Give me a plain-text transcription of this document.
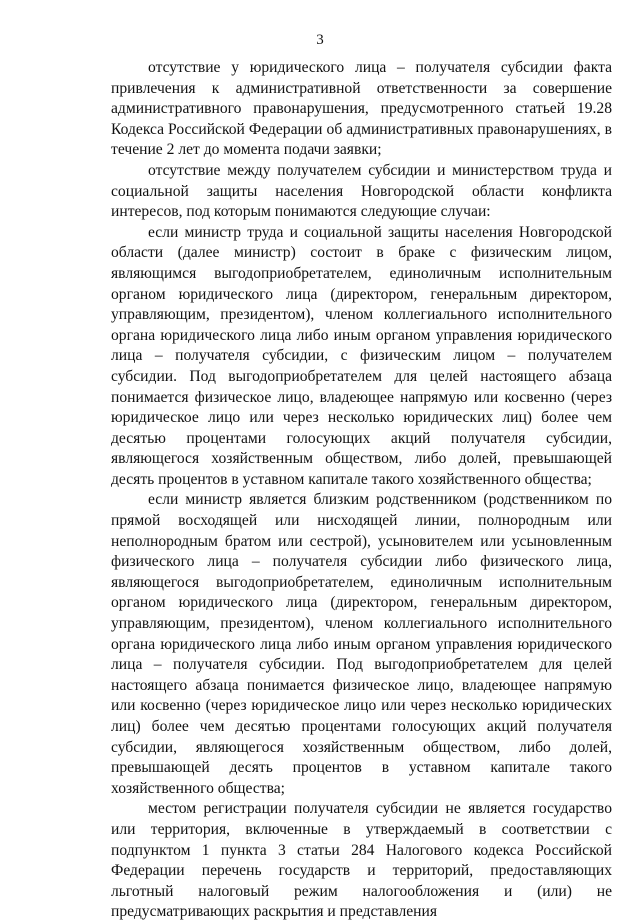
3

отсутствие у юридического лица – получателя субсидии факта привлечения к административной ответственности за совершение административного правонарушения, предусмотренного статьей 19.28 Кодекса Российской Федерации об административных правонарушениях, в течение 2 лет до момента подачи заявки;

отсутствие между получателем субсидии и министерством труда и социальной защиты населения Новгородской области конфликта интересов, под которым понимаются следующие случаи:

если министр труда и социальной защиты населения Новгородской области (далее министр) состоит в браке с физическим лицом, являющимся выгодоприобретателем, единоличным исполнительным органом юридического лица (директором, генеральным директором, управляющим, президентом), членом коллегиального исполнительного органа юридического лица либо иным органом управления юридического лица – получателя субсидии, с физическим лицом – получателем субсидии. Под выгодоприобретателем для целей настоящего абзаца понимается физическое лицо, владеющее напрямую или косвенно (через юридическое лицо или через несколько юридических лиц) более чем десятью процентами голосующих акций получателя субсидии, являющегося хозяйственным обществом, либо долей, превышающей десять процентов в уставном капитале такого хозяйственного общества;

если министр является близким родственником (родственником по прямой восходящей или нисходящей линии, полнородным или неполнородным братом или сестрой), усыновителем или усыновленным физического лица – получателя субсидии либо физического лица, являющегося выгодоприобретателем, единоличным исполнительным органом юридического лица (директором, генеральным директором, управляющим, президентом), членом коллегиального исполнительного органа юридического лица либо иным органом управления юридического лица – получателя субсидии. Под выгодоприобретателем для целей настоящего абзаца понимается физическое лицо, владеющее напрямую или косвенно (через юридическое лицо или через несколько юридических лиц) более чем десятью процентами голосующих акций получателя субсидии, являющегося хозяйственным обществом, либо долей, превышающей десять процентов в уставном капитале такого хозяйственного общества;

местом регистрации получателя субсидии не является государство или территория, включенные в утверждаемый в соответствии с подпунктом 1 пункта 3 статьи 284 Налогового кодекса Российской Федерации перечень государств и территорий, предоставляющих льготный налоговый режим налогообложения и (или) не предусматривающих раскрытия и представления
